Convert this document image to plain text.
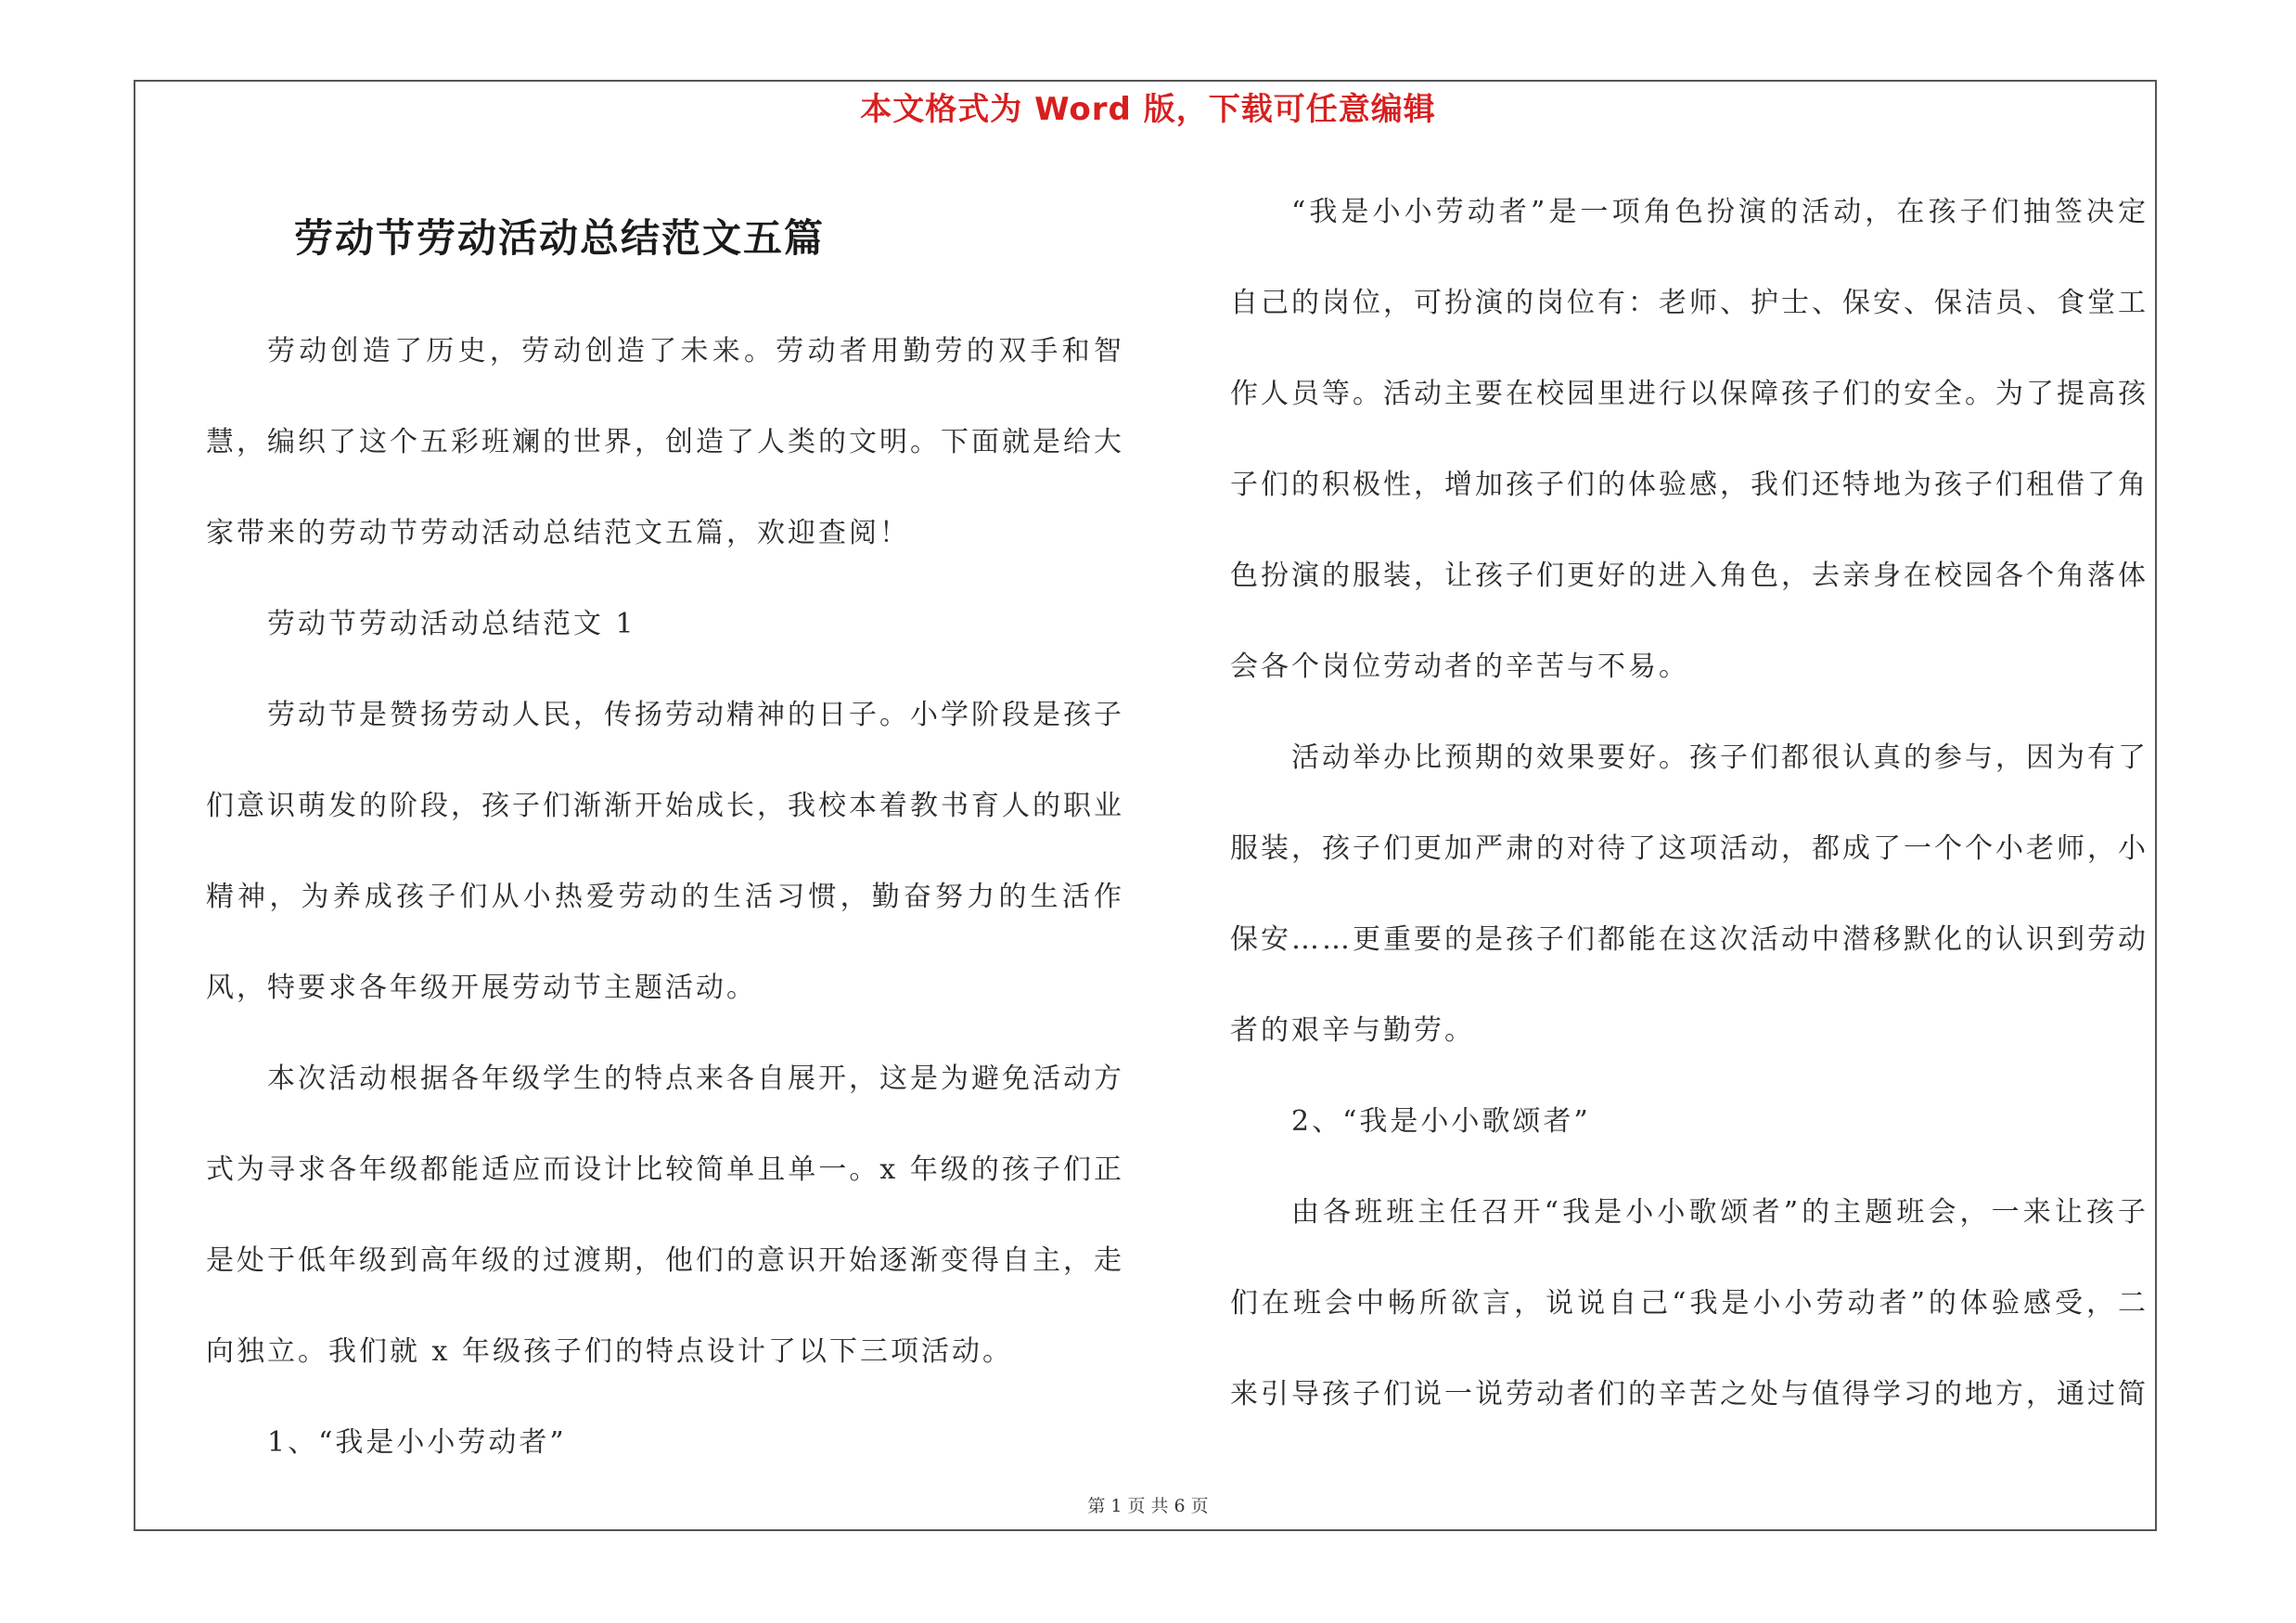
本文格式为 Word 版，下载可任意编辑
劳动节劳动活动总结范文五篇

劳动创造了历史，劳动创造了未来。劳动者用勤劳的双手和智慧，编织了这个五彩班斓的世界，创造了人类的文明。下面就是给大家带来的劳动节劳动活动总结范文五篇，欢迎查阅！

劳动节劳动活动总结范文 1

劳动节是赞扬劳动人民，传扬劳动精神的日子。小学阶段是孩子们意识萌发的阶段，孩子们渐渐开始成长，我校本着教书育人的职业精神，为养成孩子们从小热爱劳动的生活习惯，勤奋努力的生活作风，特要求各年级开展劳动节主题活动。

本次活动根据各年级学生的特点来各自展开，这是为避免活动方式为寻求各年级都能适应而设计比较简单且单一。x 年级的孩子们正是处于低年级到高年级的过渡期，他们的意识开始逐渐变得自主，走向独立。我们就 x 年级孩子们的特点设计了以下三项活动。

1、“我是小小劳动者”

“我是小小劳动者”是一项角色扮演的活动，在孩子们抽签决定自己的岗位，可扮演的岗位有：老师、护士、保安、保洁员、食堂工作人员等。活动主要在校园里进行以保障孩子们的安全。为了提高孩子们的积极性，增加孩子们的体验感，我们还特地为孩子们租借了角色扮演的服装，让孩子们更好的进入角色，去亲身在校园各个角落体会各个岗位劳动者的辛苦与不易。

活动举办比预期的效果要好。孩子们都很认真的参与，因为有了服装，孩子们更加严肃的对待了这项活动，都成了一个个小老师，小保安……更重要的是孩子们都能在这次活动中潜移默化的认识到劳动者的艰辛与勤劳。

2、“我是小小歌颂者”

由各班班主任召开“我是小小歌颂者”的主题班会，一来让孩子们在班会中畅所欲言，说说自己“我是小小劳动者”的体验感受，二来引导孩子们说一说劳动者们的辛苦之处与值得学习的地方，通过简

第 1 页 共 6 页
